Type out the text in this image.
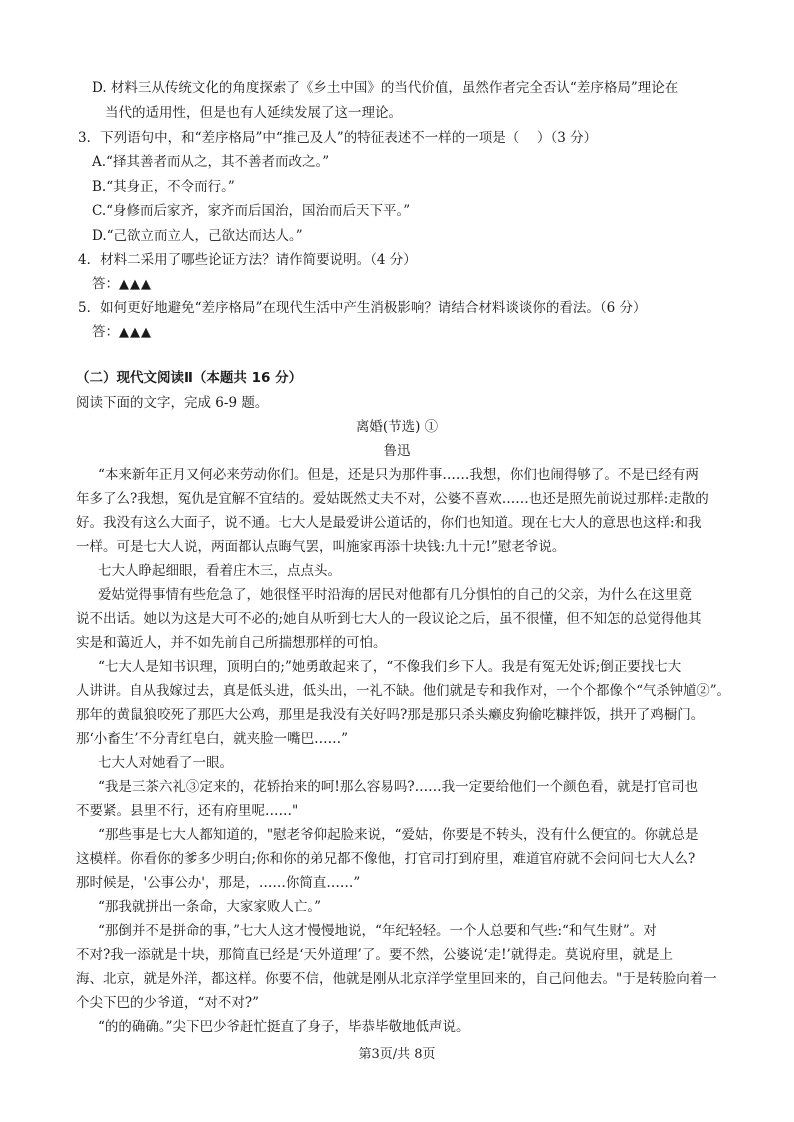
D. 材料三从传统文化的角度探索了《乡土中国》的当代价值，虽然作者完全否认“差序格局”理论在
当代的适用性，但是也有人延续发展了这一理论。
3．下列语句中，和“差序格局”中“推己及人”的特征表述不一样的一项是（　 ）（3 分）
A.“择其善者而从之，其不善者而改之。”
B.“其身正，不令而行。”
C.“身修而后家齐，家齐而后国治，国治而后天下平。”
D.“己欲立而立人，己欲达而达人。”
4．材料二采用了哪些论证方法？请作简要说明。（4 分）
答：▲▲▲
5．如何更好地避免“差序格局”在现代生活中产生消极影响？请结合材料谈谈你的看法。（6 分）
答：▲▲▲
（二）现代文阅读Ⅱ（本题共 16 分）
阅读下面的文字，完成 6-9 题。
离婚(节选) ①
鲁迅
“本来新年正月又何必来劳动你们。但是，还是只为那件事……我想，你们也闹得够了。不是已经有两
年多了么?我想，冤仇是宜解不宜结的。爱姑既然丈夫不对，公婆不喜欢……也还是照先前说过那样:走散的
好。我没有这么大面子，说不通。七大人是最爱讲公道话的，你们也知道。现在七大人的意思也这样:和我
一样。可是七大人说，两面都认点晦气罢，叫施家再添十块钱:九十元!”慰老爷说。
七大人睁起细眼，看着庄木三，点点头。
爱姑觉得事情有些危急了，她很怪平时沿海的居民对他都有几分惧怕的自己的父亲，为什么在这里竟
说不出话。她以为这是大可不必的;她自从听到七大人的一段议论之后，虽不很懂，但不知怎的总觉得他其
实是和蔼近人，并不如先前自己所揣想那样的可怕。
“七大人是知书识理，顶明白的;”她勇敢起来了，“不像我们乡下人。我是有冤无处诉;倒正要找七大
人讲讲。自从我嫁过去，真是低头进，低头出，一礼不缺。他们就是专和我作对，一个个都像个“气杀钟馗②”。
那年的黄鼠狼咬死了那匹大公鸡，那里是我没有关好吗?那是那只杀头癞皮狗偷吃糠拌饭，拱开了鸡橱门。
那‘小畜生’不分青红皂白，就夹脸一嘴巴……”
七大人对她看了一眼。
“我是三茶六礼③定来的，花轿抬来的呵!那么容易吗?……我一定要给他们一个颜色看，就是打官司也
不要紧。县里不行，还有府里呢……"
“那些事是七大人都知道的，"慰老爷仰起脸来说，“爱姑，你要是不转头，没有什么便宜的。你就总是
这模样。你看你的爹多少明白;你和你的弟兄都不像他，打官司打到府里，难道官府就不会问问七大人么?
那时候是，'公事公办'，那是，……你简直……”
“那我就拼出一条命，大家家败人亡。”
“那倒并不是拼命的事，”七大人这才慢慢地说，“年纪轻轻。一个人总要和气些:“和气生财”。对
不对?我一添就是十块，那简直已经是‘天外道理’了。要不然，公婆说‘走!’就得走。莫说府里，就是上
海、北京，就是外洋，都这样。你要不信，他就是刚从北京洋学堂里回来的，自己问他去。"于是转脸向着一
个尖下巴的少爷道，“对不对?”
“的的确确。”尖下巴少爷赶忙挺直了身子，毕恭毕敬地低声说。
第3页/共 8页
